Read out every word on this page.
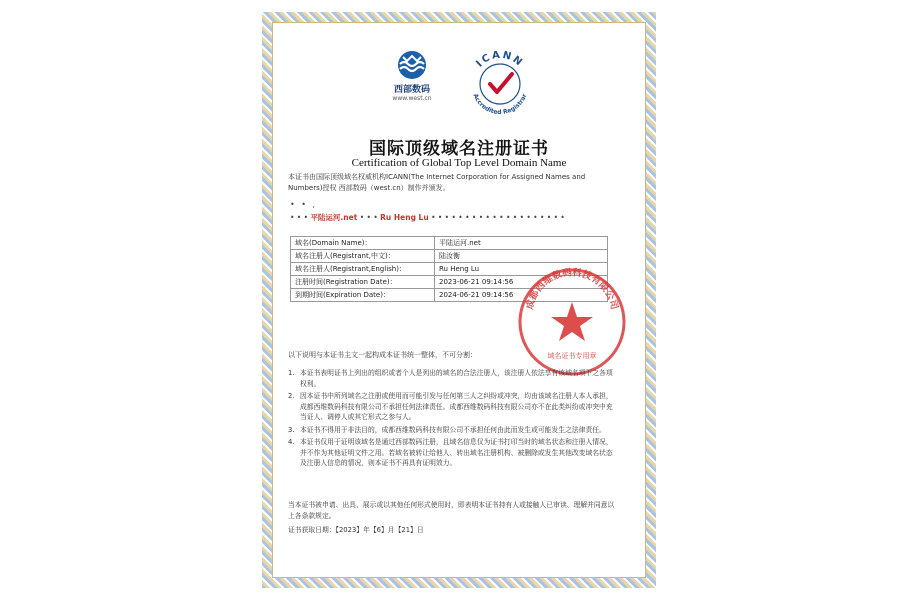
西部数码
www.west.cn
ICANN
Accredited Registrar
国际顶级域名注册证书
Certification of Global Top Level Domain Name
本证书由国际顶级域名权威机构ICANN(The Internet Corporation for Assigned Names and Numbers)授权 西部数码（west.cn）制作并颁发。
• • ,
• • • 平陆运河.net • • • Ru Heng Lu • • • • • • • • • • • • • • • • • • • •
域名(Domain Name)：	平陆运河.net
域名注册人(Registrant,中文)：	陆汝衡
域名注册人(Registrant,English)：	Ru Heng Lu
注册时间(Registration Date)：	2023-06-21 09:14:56
到期时间(Expiration Date)：	2024-06-21 09:14:56
成都西维数码科技有限公司
域名证书专用章
以下说明与本证书主文一起构成本证书统一整体，不可分割：
1. 本证书表明证书上列出的组织或者个人是列出的域名的合法注册人，该注册人依法享有该域名项下之各项权利。
2. 因本证书中所列域名之注册或使用而可能引发与任何第三人之纠纷或冲突，均由该域名注册人本人承担，成都西维数码科技有限公司不承担任何法律责任。成都西维数码科技有限公司亦不在此类纠纷或冲突中充当证人、调停人或其它形式之参与人。
3. 本证书不得用于非法目的，成都西维数码科技有限公司不承担任何由此而发生或可能发生之法律责任。
4. 本证书仅用于证明该域名是通过西部数码注册，且域名信息仅为证书打印当时的域名状态和注册人情况，并不作为其他证明文件之用。若域名被转让给他人、转出域名注册机构、被删除或发生其他改变域名状态及注册人信息的情况，则本证书不再具有证明效力。
当本证书被申请、出具、展示或以其他任何形式使用时，即表明本证书持有人或接触人已审读、理解并同意以上各条款规定。
证书获取日期：【2023】年【6】月【21】日
